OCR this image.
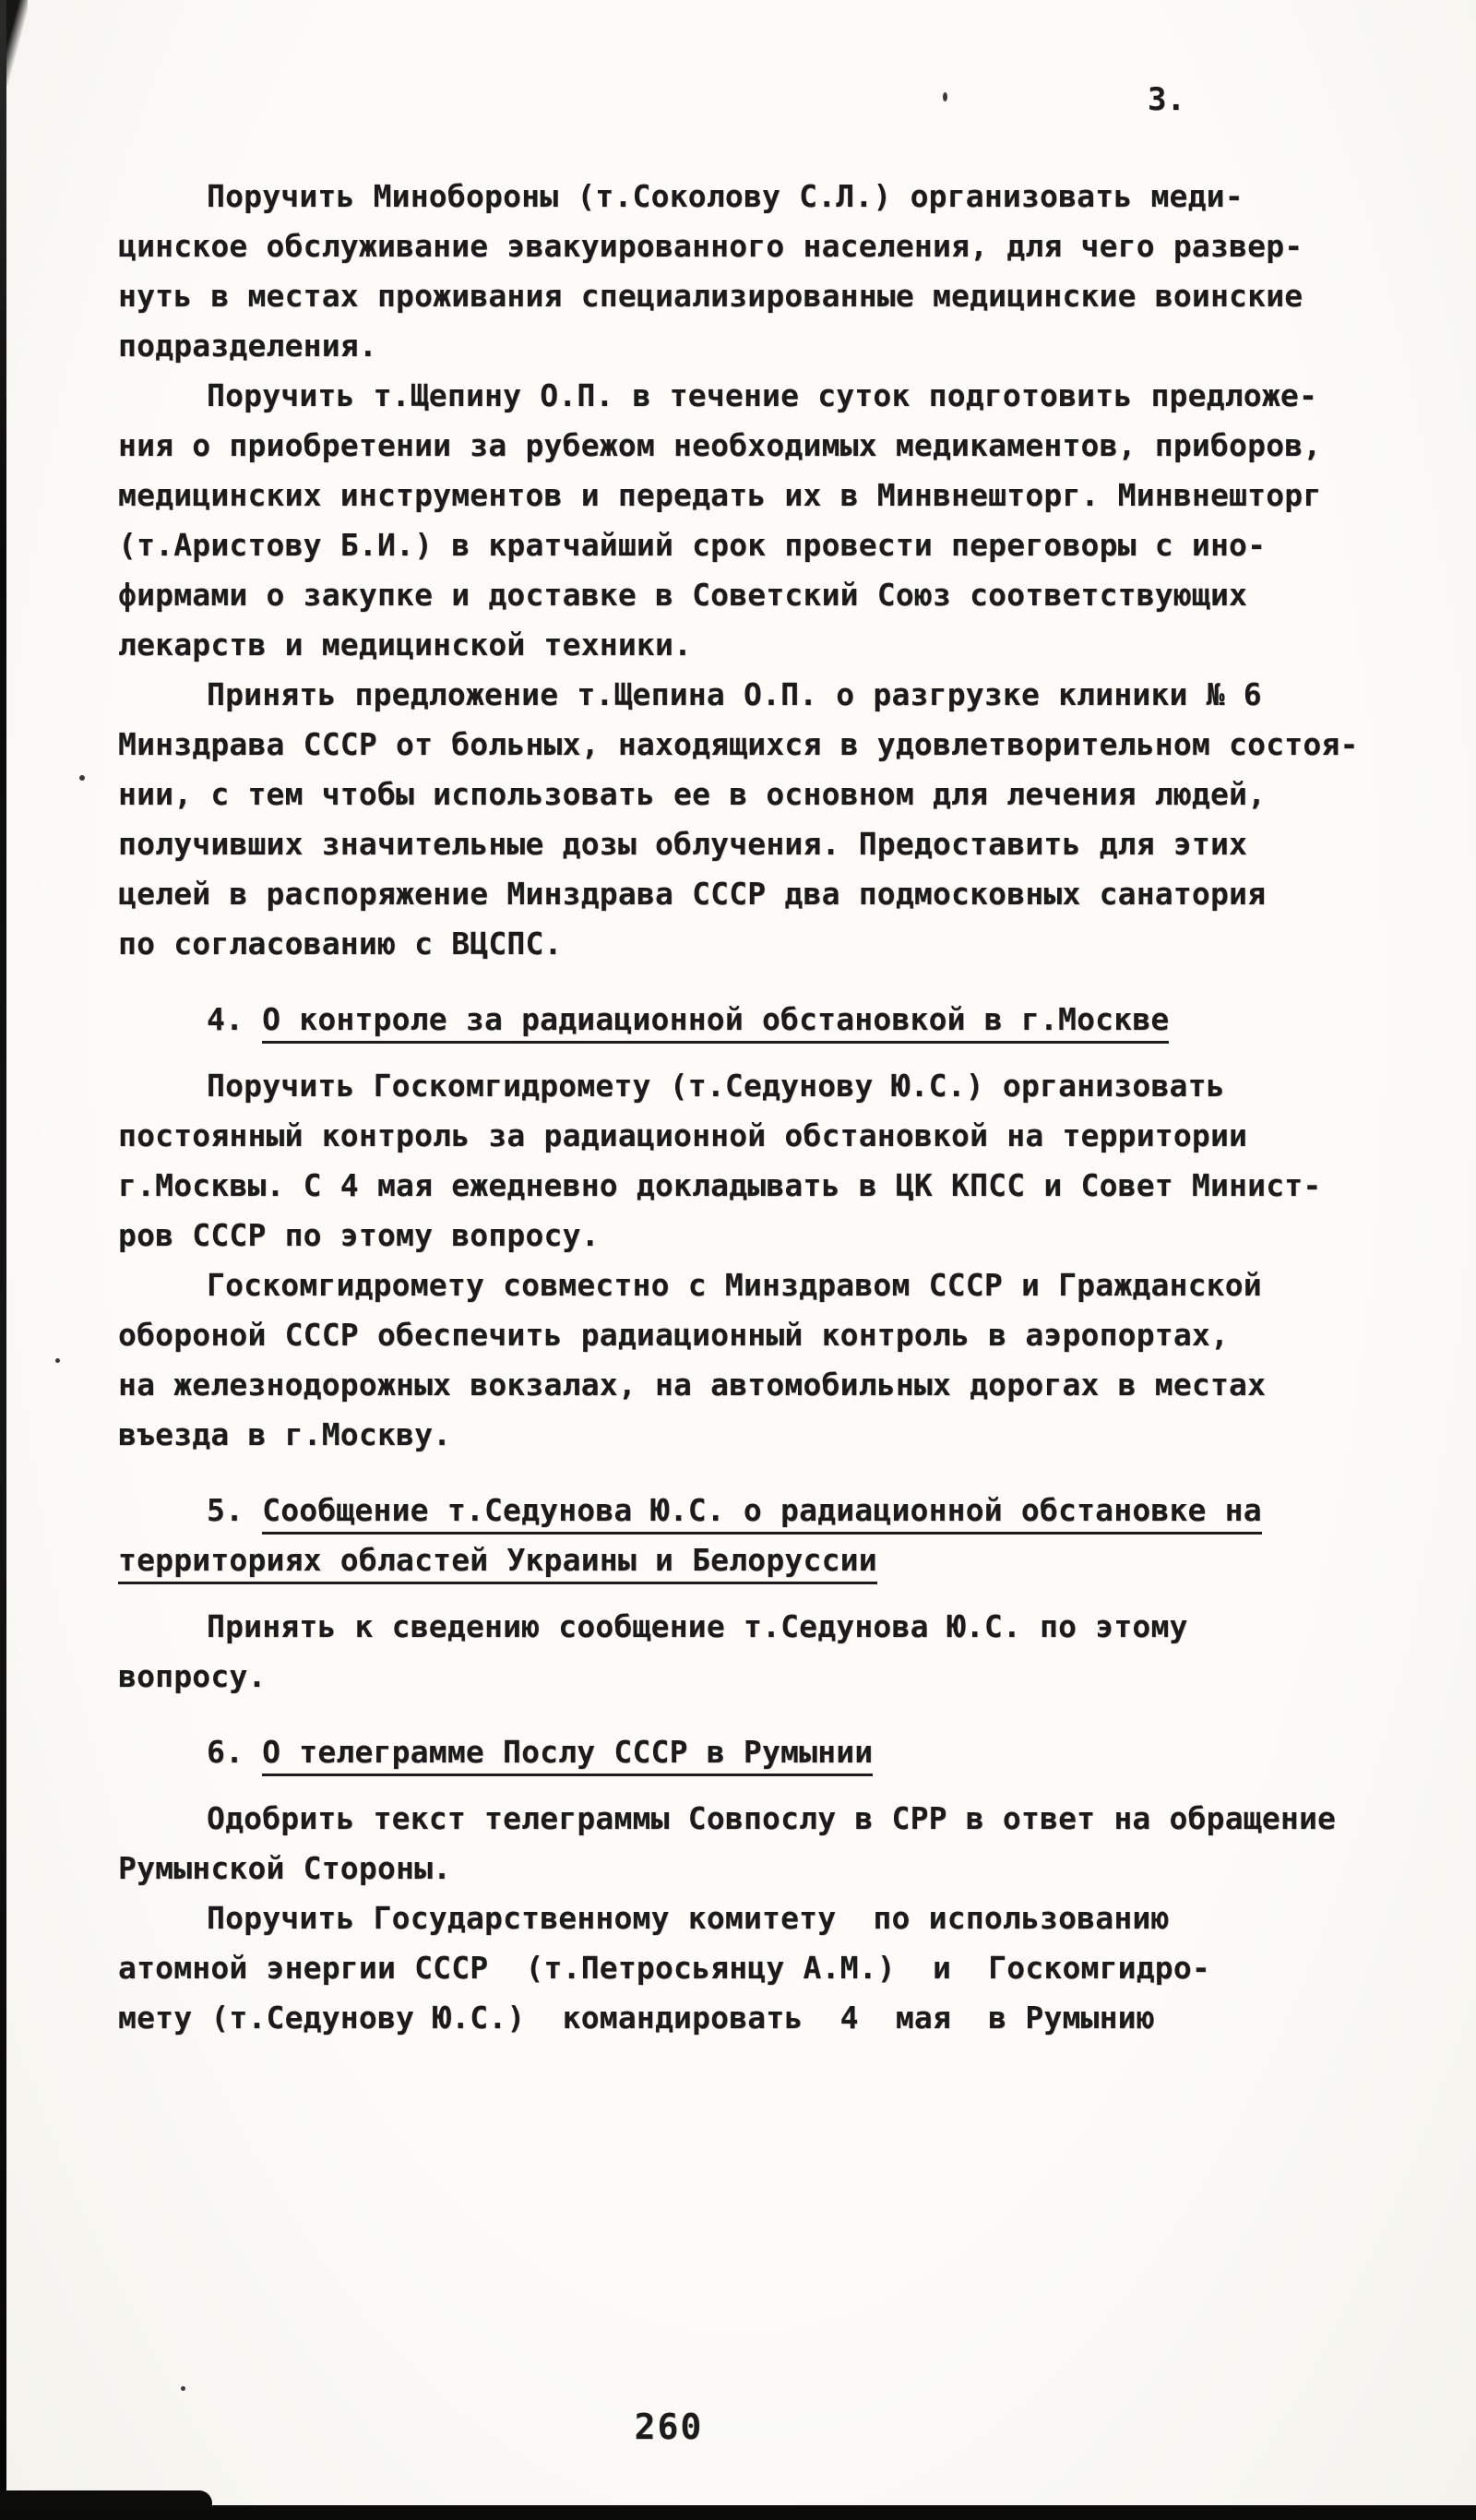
3.
Поручить Минобороны (т.Соколову С.Л.) организовать меди-
цинское обслуживание эвакуированного населения, для чего развер-
нуть в местах проживания специализированные медицинские воинские
подразделения.
Поручить т.Щепину О.П. в течение суток подготовить предложе-
ния о приобретении за рубежом необходимых медикаментов, приборов,
медицинских инструментов и передать их в Минвнешторг. Минвнешторг
(т.Аристову Б.И.) в кратчайший срок провести переговоры с ино-
фирмами о закупке и доставке в Советский Союз соответствующих
лекарств и медицинской техники.
Принять предложение т.Щепина О.П. о разгрузке клиники № 6
Минздрава СССР от больных, находящихся в удовлетворительном состоя-
нии, с тем чтобы использовать ее в основном для лечения людей,
получивших значительные дозы облучения. Предоставить для этих
целей в распоряжение Минздрава СССР два подмосковных санатория
по согласованию с ВЦСПС.
4. О контроле за радиационной обстановкой в г.Москве
Поручить Госкомгидромету (т.Седунову Ю.С.) организовать
постоянный контроль за радиационной обстановкой на территории
г.Москвы. С 4 мая ежедневно докладывать в ЦК КПСС и Совет Минист-
ров СССР по этому вопросу.
Госкомгидромету совместно с Минздравом СССР и Гражданской
обороной СССР обеспечить радиационный контроль в аэропортах,
на железнодорожных вокзалах, на автомобильных дорогах в местах
въезда в г.Москву.
5. Сообщение т.Седунова Ю.С. о радиационной обстановке на
территориях областей Украины и Белоруссии
Принять к сведению сообщение т.Седунова Ю.С. по этому
вопросу.
6. О телеграмме Послу СССР в Румынии
Одобрить текст телеграммы Совпослу в СРР в ответ на обращение
Румынской Стороны.
Поручить Государственному комитету  по использованию
атомной энергии СССР  (т.Петросьянцу А.М.)  и  Госкомгидро-
мету (т.Седунову Ю.С.)  командировать  4  мая  в Румынию
260
